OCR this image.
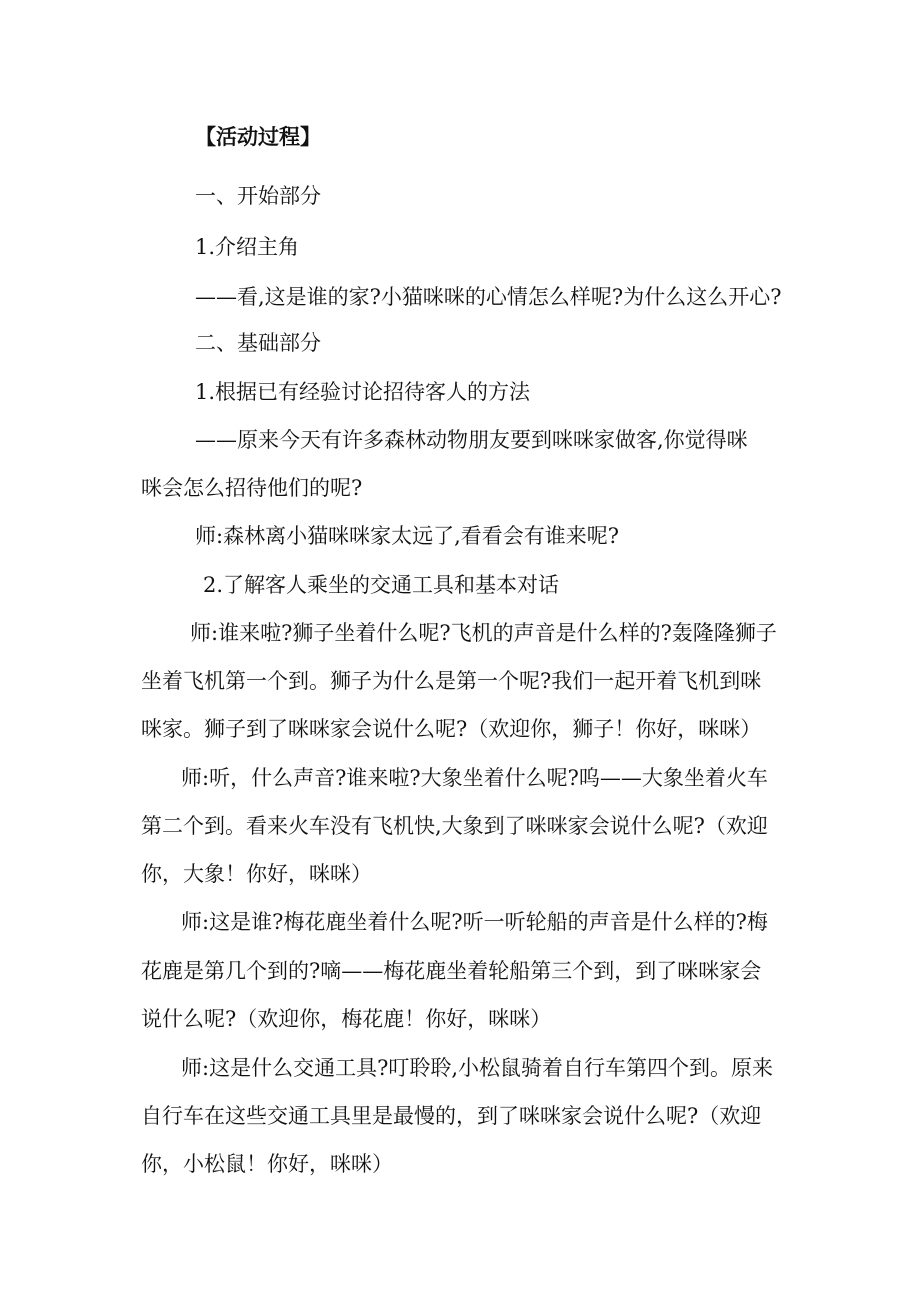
【活动过程】
一、开始部分
1.介绍主角
——看,这是谁的家?小猫咪咪的心情怎么样呢?为什么这么开心?
二、基础部分
1.根据已有经验讨论招待客人的方法
——原来今天有许多森林动物朋友要到咪咪家做客,你觉得咪
咪会怎么招待他们的呢?
师:森林离小猫咪咪家太远了,看看会有谁来呢?
2.了解客人乘坐的交通工具和基本对话
师:谁来啦?狮子坐着什么呢?飞机的声音是什么样的?轰隆隆狮子
坐着飞机第一个到。狮子为什么是第一个呢?我们一起开着飞机到咪
咪家。狮子到了咪咪家会说什么呢?（欢迎你，狮子！你好，咪咪）
师:听，什么声音?谁来啦?大象坐着什么呢?呜——大象坐着火车
第二个到。看来火车没有飞机快,大象到了咪咪家会说什么呢?（欢迎
你，大象！你好，咪咪）
师:这是谁?梅花鹿坐着什么呢?听一听轮船的声音是什么样的?梅
花鹿是第几个到的?嘀——梅花鹿坐着轮船第三个到，到了咪咪家会
说什么呢?（欢迎你，梅花鹿！你好，咪咪）
师:这是什么交通工具?叮聆聆,小松鼠骑着自行车第四个到。原来
自行车在这些交通工具里是最慢的，到了咪咪家会说什么呢?（欢迎
你，小松鼠！你好，咪咪）
